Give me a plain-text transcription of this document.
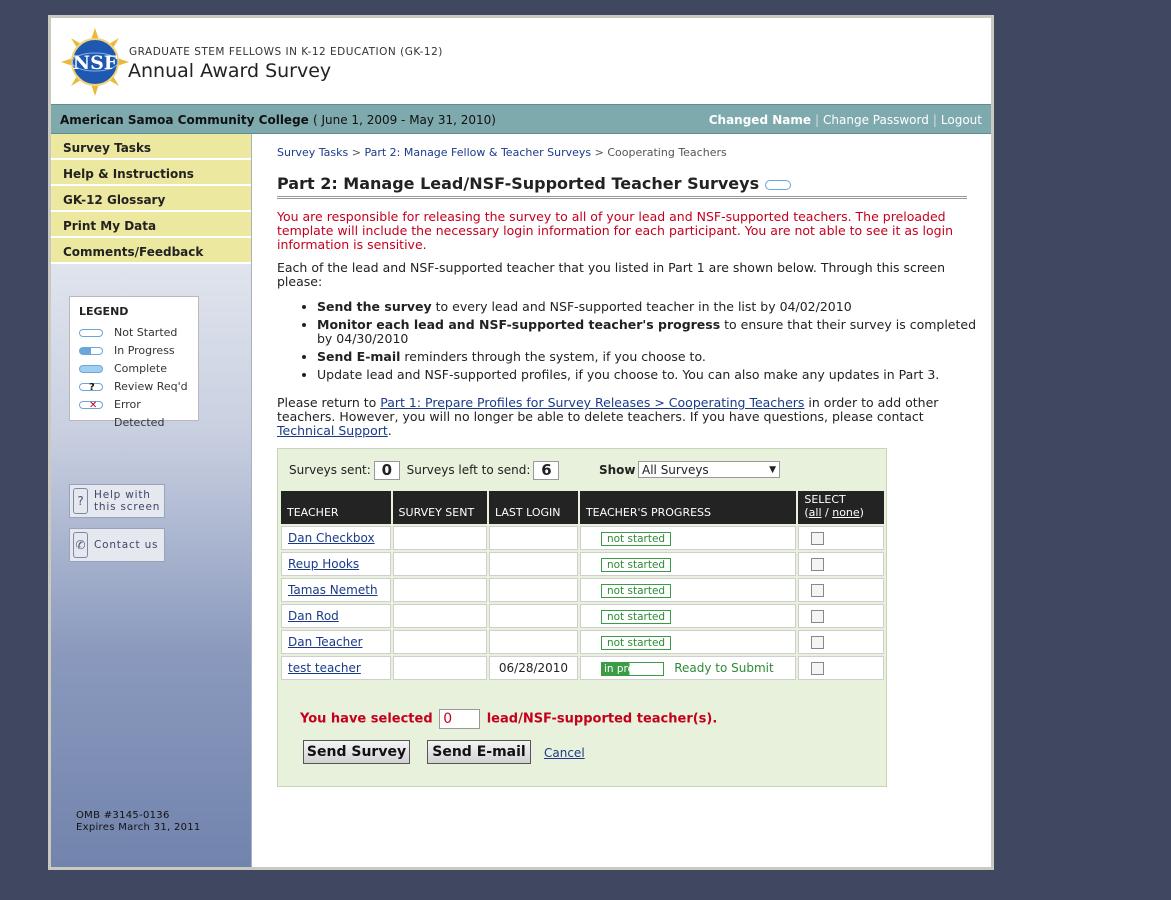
NSF GRADUATE STEM FELLOWS IN K-12 EDUCATION (GK-12)
Annual Award Survey
American Samoa Community College ( June 1, 2009 - May 31, 2010)	Changed Name | Change Password | Logout
Survey Tasks
Help & Instructions
GK-12 Glossary
Print My Data
Comments/Feedback
LEGEND
Not Started
In Progress
Complete
? Review Req'd
✕ Error Detected
? Help with
this screen
✆ Contact us
OMB #3145-0136
Expires March 31, 2011
Survey Tasks > Part 2: Manage Fellow & Teacher Surveys > Cooperating Teachers
Part 2: Manage Lead/NSF-Supported Teacher Surveys
You are responsible for releasing the survey to all of your lead and NSF-supported teachers. The preloaded template will include the necessary login information for each participant. You are not able to see it as login information is sensitive.
Each of the lead and NSF-supported teacher that you listed in Part 1 are shown below. Through this screen please:
• Send the survey to every lead and NSF-supported teacher in the list by 04/02/2010
• Monitor each lead and NSF-supported teacher's progress to ensure that their survey is completed by 04/30/2010
• Send E-mail reminders through the system, if you choose to.
• Update lead and NSF-supported profiles, if you choose to. You can also make any updates in Part 3.
Please return to Part 1: Prepare Profiles for Survey Releases > Cooperating Teachers in order to add other teachers. However, you will no longer be able to delete teachers. If you have questions, please contact Technical Support.
Surveys sent: 0 Surveys left to send: 6	Show All Surveys	▼
TEACHER	SURVEY SENT	LAST LOGIN	TEACHER'S PROGRESS	SELECT
(all / none)
Dan Checkbox			not started	
Reup Hooks			not started	
Tamas Nemeth			not started	
Dan Rod			not started	
Dan Teacher			not started	
test teacher		06/28/2010	in progress Ready to Submit	
You have selected 0	lead/NSF-supported teacher(s).
Send Survey	Send E-mail	Cancel
